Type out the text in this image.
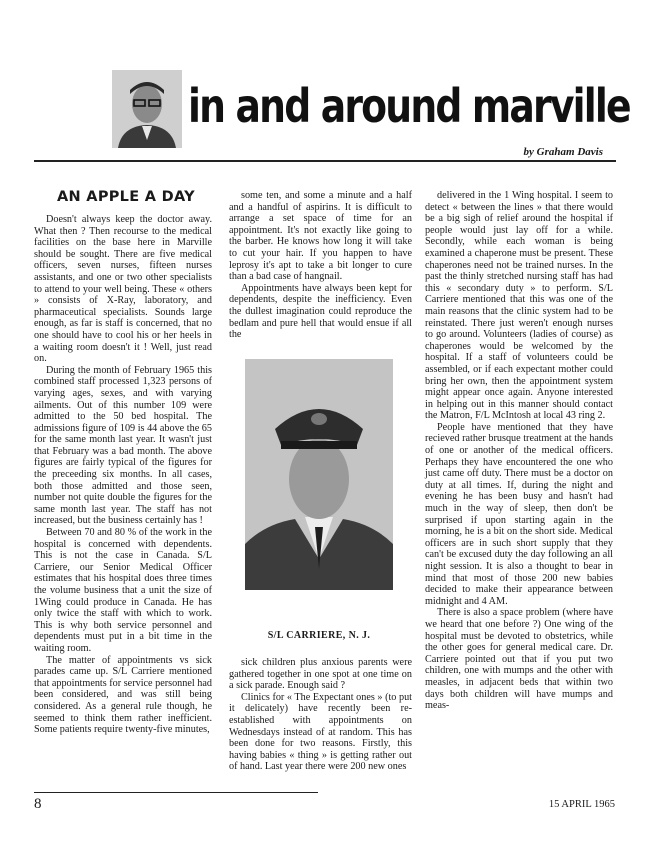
in and around marville
by Graham Davis
AN APPLE A DAY

Doesn't always keep the doctor away. What then ? Then recourse to the medical facilities on the base here in Marville should be sought. There are five medical officers, seven nurses, fifteen nurses assistants, and one or two other specialists to attend to your well being. These « others » consists of X-Ray, laboratory, and pharmaceutical specialists. Sounds large enough, as far is staff is concerned, that no one should have to cool his or her heels in a waiting room doesn't it ! Well, just read on.

During the month of February 1965 this combined staff processed 1,323 persons of varying ages, sexes, and with varying ailments. Out of this number 109 were admitted to the 50 bed hospital. The admissions figure of 109 is 44 above the 65 for the same month last year. It wasn't just that February was a bad month. The above figures are fairly typical of the figures for the preceeding six months. In all cases, both those admitted and those seen, number not quite double the figures for the same month last year. The staff has not increased, but the business certainly has !

Between 70 and 80 % of the work in the hospital is concerned with dependents. This is not the case in Canada. S/L Carriere, our Senior Medical Officer estimates that his hospital does three times the volume business that a unit the size of 1Wing could produce in Canada. He has only twice the staff with which to work. This is why both service personnel and dependents must put in a bit time in the waiting room.

The matter of appointments vs sick parades came up. S/L Carriere mentioned that appointments for service personnel had been considered, and was still being considered. As a general rule though, he seemed to think them rather inefficient. Some patients require twenty-five minutes,

some ten, and some a minute and a half and a handful of aspirins. It is difficult to arrange a set space of time for an appointment. It's not exactly like going to the barber. He knows how long it will take to cut your hair. If you happen to have leprosy it's apt to take a bit longer to cure than a bad case of hangnail.

Appointments have always been kept for dependents, despite the inefficiency. Even the dullest imagination could reproduce the bedlam and pure hell that would ensue if all the

S/L CARRIERE, N. J.

sick children plus anxious parents were gathered together in one spot at one time on a sick parade. Enough said ?

Clinics for « The Expectant ones » (to put it delicately) have recently been re-established with appointments on Wednesdays instead of at random. This has been done for two reasons. Firstly, this having babies « thing » is getting rather out of hand. Last year there were 200 new ones

delivered in the 1 Wing hospital. I seem to detect « between the lines » that there would be a big sigh of relief around the hospital if people would just lay off for a while. Secondly, while each woman is being examined a chaperone must be present. These chaperones need not be trained nurses. In the past the thinly stretched nursing staff has had this « secondary duty » to perform. S/L Carriere mentioned that this was one of the main reasons that the clinic system had to be reinstated. There just weren't enough nurses to go around. Volunteers (ladies of course) as chaperones would be welcomed by the hospital. If a staff of volunteers could be assembled, or if each expectant mother could bring her own, then the appointment system might appear once again. Anyone interested in helping out in this manner should contact the Matron, F/L McIntosh at local 43 ring 2.

People have mentioned that they have recieved rather brusque treatment at the hands of one or another of the medical officers. Perhaps they have encountered the one who just came off duty. There must be a doctor on duty at all times. If, during the night and evening he has been busy and hasn't had much in the way of sleep, then don't be surprised if upon starting again in the morning, he is a bit on the short side. Medical officers are in such short supply that they can't be excused duty the day following an all night session. It is also a thought to bear in mind that most of those 200 new babies decided to make their appearance between midnight and 4 AM.

There is also a space problem (where have we heard that one before ?) One wing of the hospital must be devoted to obstetrics, while the other goes for general medical care. Dr. Carriere pointed out that if you put two children, one with mumps and the other with measles, in adjacent beds that within two days both children will have mumps and meas-

8	15 APRIL 1965
